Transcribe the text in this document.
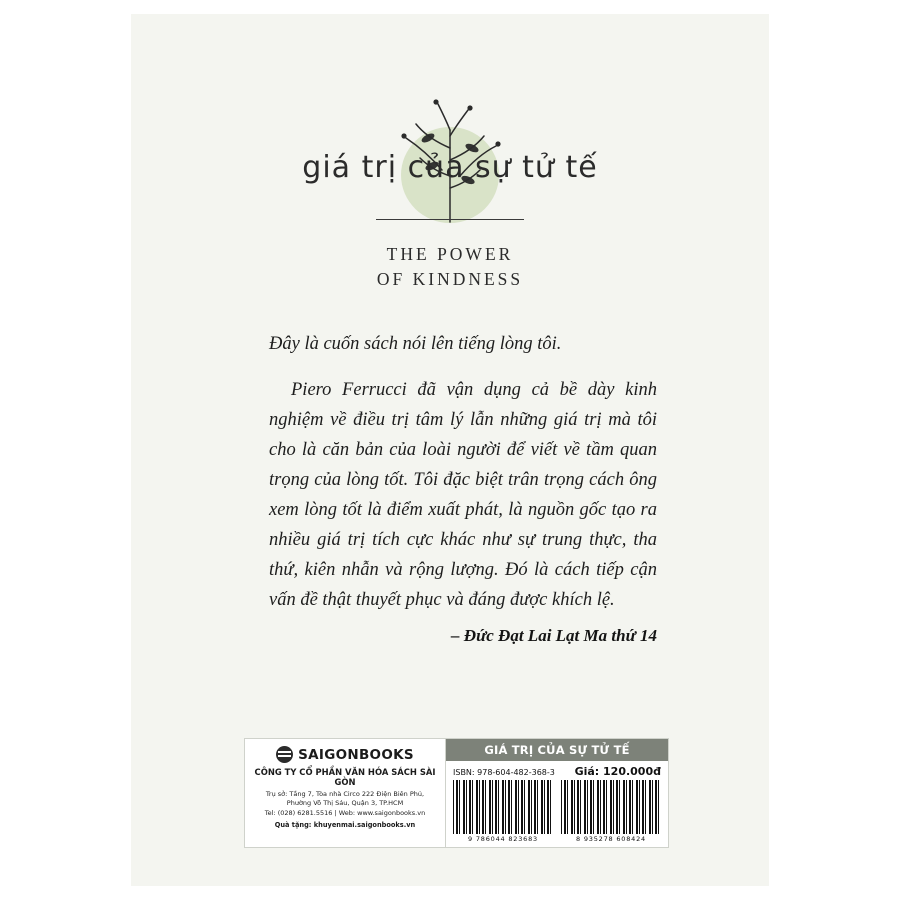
giá trị của sự tử tế
THE POWER
OF KINDNESS

Đây là cuốn sách nói lên tiếng lòng tôi.

Piero Ferrucci đã vận dụng cả bề dày kinh nghiệm về điều trị tâm lý lẫn những giá trị mà tôi cho là căn bản của loài người để viết về tầm quan trọng của lòng tốt. Tôi đặc biệt trân trọng cách ông xem lòng tốt là điểm xuất phát, là nguồn gốc tạo ra nhiều giá trị tích cực khác như sự trung thực, tha thứ, kiên nhẫn và rộng lượng. Đó là cách tiếp cận vấn đề thật thuyết phục và đáng được khích lệ.

– Đức Đạt Lai Lạt Ma thứ 14
SAIGONBOOKS
CÔNG TY CỔ PHẦN VĂN HÓA SÁCH SÀI GÒN
Trụ sở: Tầng 7, Tòa nhà Circo 222 Điện Biên Phủ,
Phường Võ Thị Sáu, Quận 3, TP.HCM
Tel: (028) 6281.5516 | Web: www.saigonbooks.vn
Quà tặng: khuyenmai.saigonbooks.vn
GIÁ TRỊ CỦA SỰ TỬ TẾ
ISBN: 978-604-482-368-3 Giá: 120.000đ
9 786044 823683	8 935278 608424
